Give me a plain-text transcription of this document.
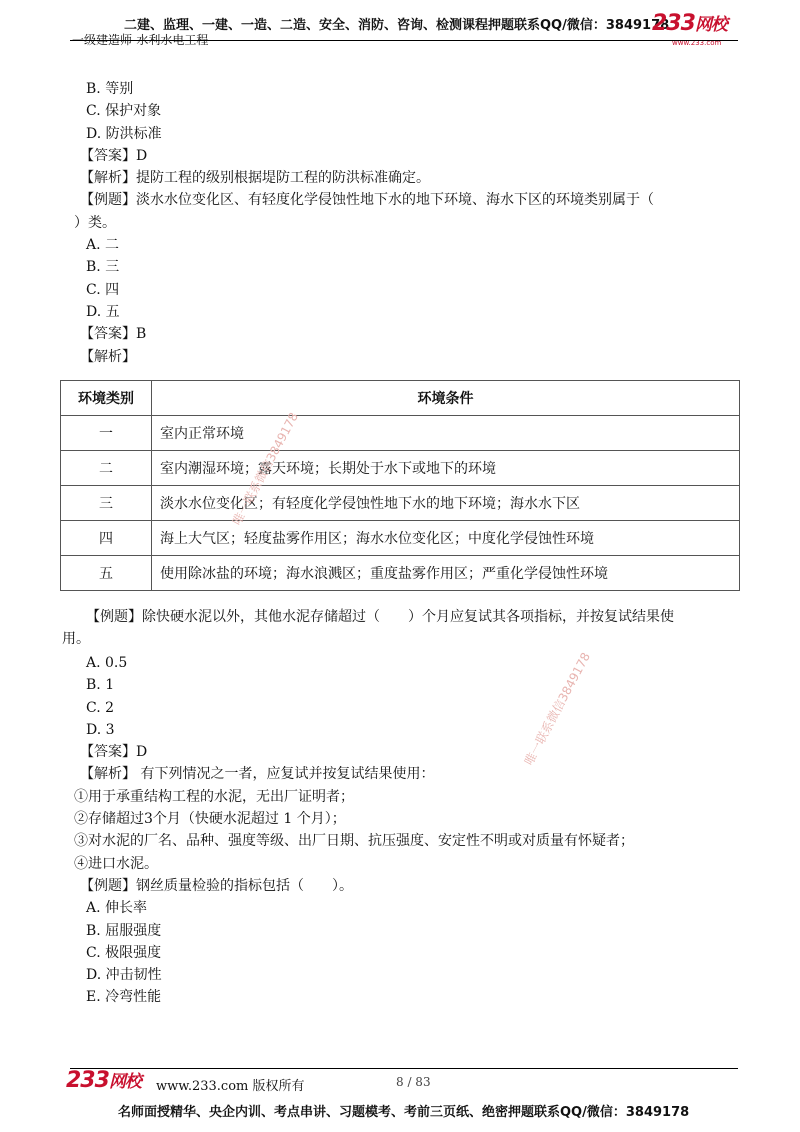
二建、监理、一建、一造、二造、安全、消防、咨询、检测课程押题联系QQ/微信：3849178
一级建造师-水利水电工程
233网校
www.233.com
B. 等别
C. 保护对象
D. 防洪标准
【答案】D
【解析】提防工程的级别根据堤防工程的防洪标准确定。
【例题】淡水水位变化区、有轻度化学侵蚀性地下水的地下环境、海水下区的环境类别属于（
）类。
A. 二
B. 三
C. 四
D. 五
【答案】B
【解析】
环境类别	环境条件
一	室内正常环境
二	室内潮湿环境；露天环境；长期处于水下或地下的环境
三	淡水水位变化区；有轻度化学侵蚀性地下水的地下环境；海水水下区
四	海上大气区；轻度盐雾作用区；海水水位变化区；中度化学侵蚀性环境
五	使用除冰盐的环境；海水浪溅区；重度盐雾作用区；严重化学侵蚀性环境
唯一联系微信3849178
唯一联系微信3849178
【例题】除快硬水泥以外，其他水泥存储超过（　　）个月应复试其各项指标，并按复试结果使
用。
A. 0.5
B. 1
C. 2
D. 3
【答案】D
【解析】 有下列情况之一者，应复试并按复试结果使用：
①用于承重结构工程的水泥，无出厂证明者；
②存储超过3个月（快硬水泥超过 1 个月）；
③对水泥的厂名、品种、强度等级、出厂日期、抗压强度、安定性不明或对质量有怀疑者；
④进口水泥。
【例题】钢丝质量检验的指标包括（　　）。
A. 伸长率
B. 屈服强度
C. 极限强度
D. 冲击韧性
E. 冷弯性能
233网校 www.233.com 版权所有	8 / 83
名师面授精华、央企内训、考点串讲、习题模考、考前三页纸、绝密押题联系QQ/微信：3849178
